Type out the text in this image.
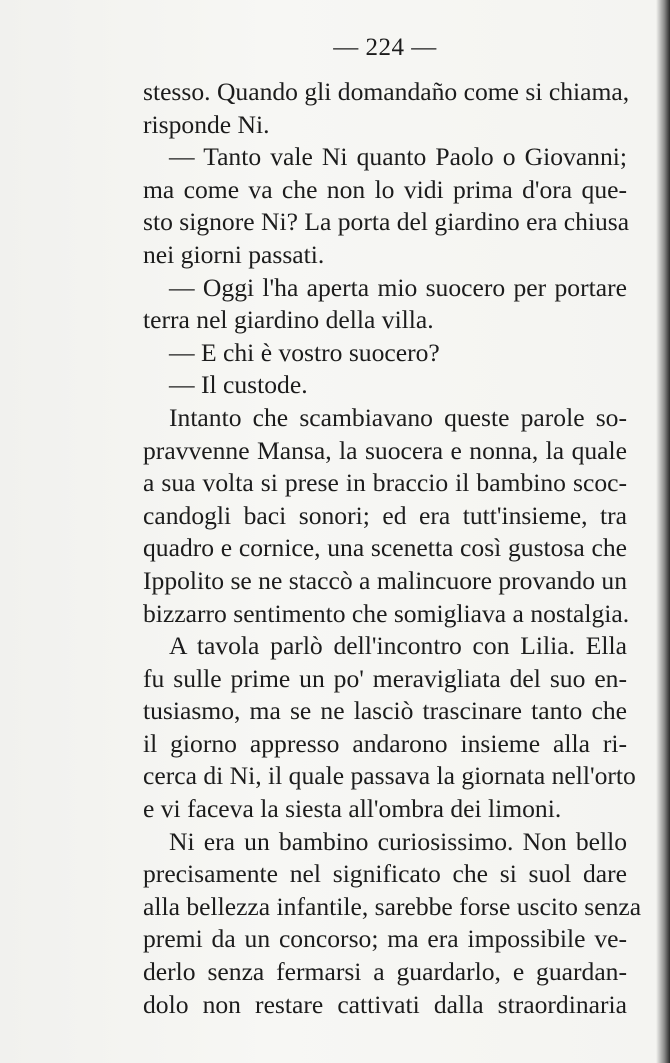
— 224 —
stesso. Quando gli domandaño come si chiama,
risponde Ni.
— Tanto vale Ni quanto Paolo o Giovanni;
ma come va che non lo vidi prima d'ora que-
sto signore Ni? La porta del giardino era chiusa
nei giorni passati.
— Oggi l'ha aperta mio suocero per portare
terra nel giardino della villa.
— E chi è vostro suocero?
— Il custode.
Intanto che scambiavano queste parole so-
pravvenne Mansa, la suocera e nonna, la quale
a sua volta si prese in braccio il bambino scoc-
candogli baci sonori; ed era tutt'insieme, tra
quadro e cornice, una scenetta così gustosa che
Ippolito se ne staccò a malincuore provando un
bizzarro sentimento che somigliava a nostalgia.
A tavola parlò dell'incontro con Lilia. Ella
fu sulle prime un po' meravigliata del suo en-
tusiasmo, ma se ne lasciò trascinare tanto che
il giorno appresso andarono insieme alla ri-
cerca di Ni, il quale passava la giornata nell'orto
e vi faceva la siesta all'ombra dei limoni.
Ni era un bambino curiosissimo. Non bello
precisamente nel significato che si suol dare
alla bellezza infantile, sarebbe forse uscito senza
premi da un concorso; ma era impossibile ve-
derlo senza fermarsi a guardarlo, e guardan-
dolo non restare cattivati dalla straordinaria
